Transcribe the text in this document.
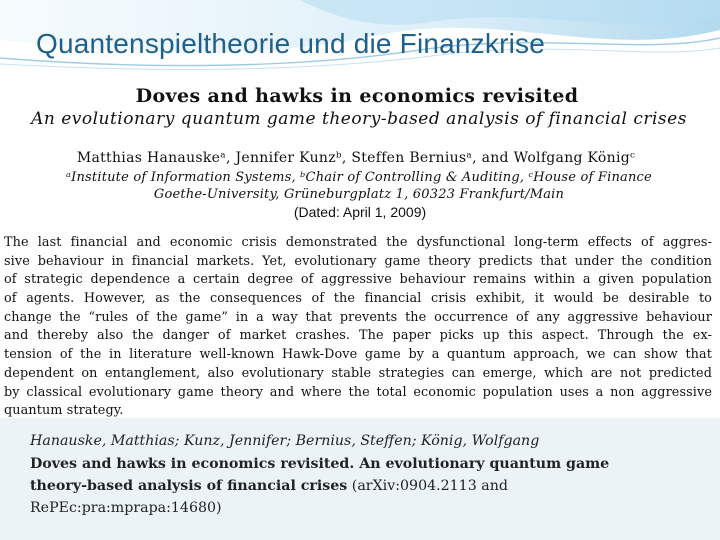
Quantenspieltheorie und die Finanzkrise
Doves and hawks in economics revisited
An evolutionary quantum game theory-based analysis of financial crises
Matthias Hanauskeᵃ, Jennifer Kunzᵇ, Steffen Berniusᵃ, and Wolfgang Königᶜ
ᵃInstitute of Information Systems, ᵇChair of Controlling & Auditing, ᶜHouse of Finance
Goethe-University, Grüneburgplatz 1, 60323 Frankfurt/Main
(Dated: April 1, 2009)
The last financial and economic crisis demonstrated the dysfunctional long-term effects of aggres-
sive behaviour in financial markets. Yet, evolutionary game theory predicts that under the condition
of strategic dependence a certain degree of aggressive behaviour remains within a given population
of agents. However, as the consequences of the financial crisis exhibit, it would be desirable to
change the “rules of the game” in a way that prevents the occurrence of any aggressive behaviour
and thereby also the danger of market crashes. The paper picks up this aspect. Through the ex-
tension of the in literature well-known Hawk-Dove game by a quantum approach, we can show that
dependent on entanglement, also evolutionary stable strategies can emerge, which are not predicted
by classical evolutionary game theory and where the total economic population uses a non aggressive
quantum strategy.
Hanauske, Matthias; Kunz, Jennifer; Bernius, Steffen; König, Wolfgang
Doves and hawks in economics revisited. An evolutionary quantum game
theory-based analysis of financial crises (arXiv:0904.2113 and
RePEc:pra:mprapa:14680)
